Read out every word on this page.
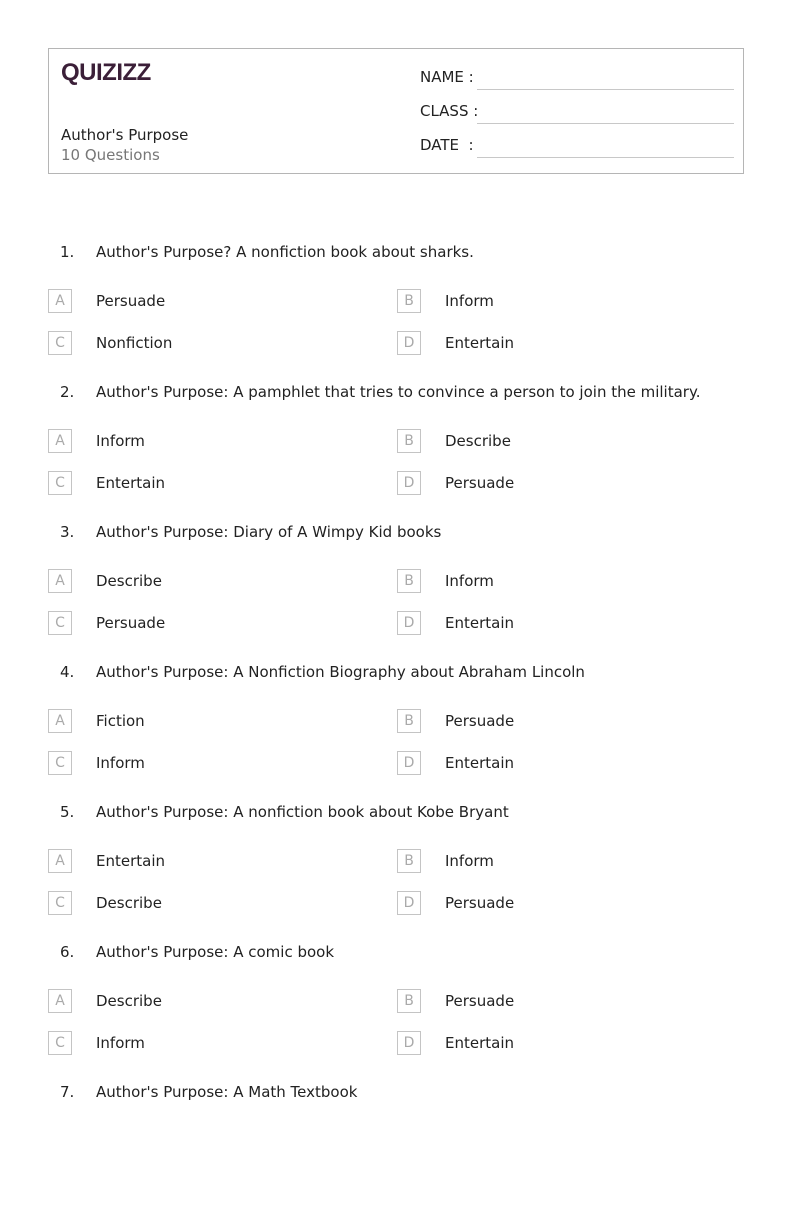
QUIZIZZ
Author's Purpose
10 Questions
NAME :
CLASS :
DATE  :
1. Author's Purpose? A nonfiction book about sharks.
A	Persuade	B	Inform
C	Nonfiction	D	Entertain
2. Author's Purpose: A pamphlet that tries to convince a person to join the military.
A	Inform	B	Describe
C	Entertain	D	Persuade
3. Author's Purpose: Diary of A Wimpy Kid books
A	Describe	B	Inform
C	Persuade	D	Entertain
4. Author's Purpose: A Nonfiction Biography about Abraham Lincoln
A	Fiction	B	Persuade
C	Inform	D	Entertain
5. Author's Purpose: A nonfiction book about Kobe Bryant
A	Entertain	B	Inform
C	Describe	D	Persuade
6. Author's Purpose: A comic book
A	Describe	B	Persuade
C	Inform	D	Entertain
7. Author's Purpose: A Math Textbook
